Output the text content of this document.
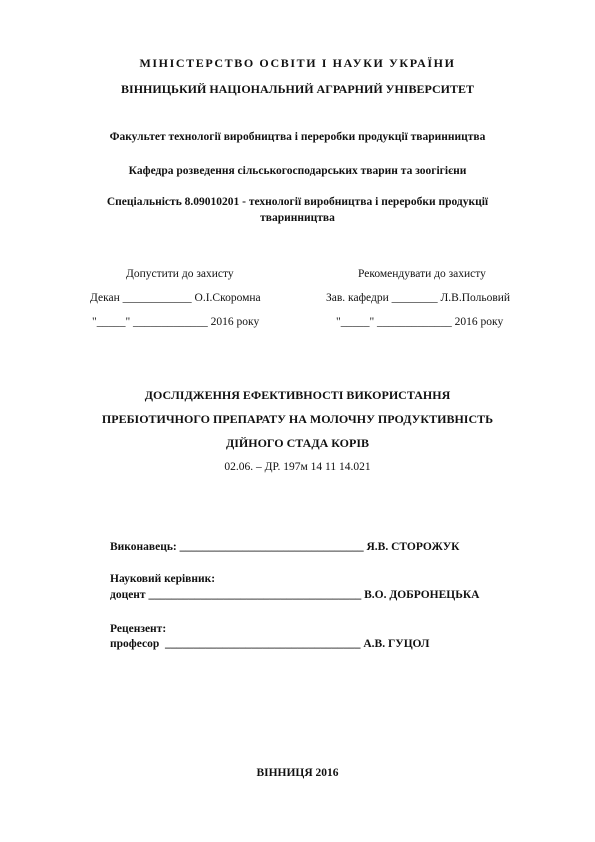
МІНІСТЕРСТВО ОСВІТИ І НАУКИ УКРАЇНИ
ВІННИЦЬКИЙ НАЦІОНАЛЬНИЙ АГРАРНИЙ УНІВЕРСИТЕТ
Факультет технології виробництва і переробки продукції тваринництва
Кафедра розведення сільськогосподарських тварин та зоогігієни
Спеціальність 8.09010201 - технології виробництва і переробки продукції
тваринництва
Допустити до захисту
Декан ____________ О.І.Скоромна
"_____" _____________ 2016 року
Рекомендувати до захисту
Зав. кафедри ________ Л.В.Польовий
"_____" _____________ 2016 року
ДОСЛІДЖЕННЯ ЕФЕКТИВНОСТІ ВИКОРИСТАННЯ
ПРЕБІОТИЧНОГО ПРЕПАРАТУ НА МОЛОЧНУ ПРОДУКТИВНІСТЬ
ДІЙНОГО СТАДА КОРІВ
02.06. – ДР. 197м 14 11 14.021
Виконавець: ________________________________ Я.В. СТОРОЖУК
Науковий керівник:
доцент _____________________________________ В.О. ДОБРОНЕЦЬКА
Рецензент:
професор __________________________________ А.В. ГУЦОЛ
ВІННИЦЯ 2016
